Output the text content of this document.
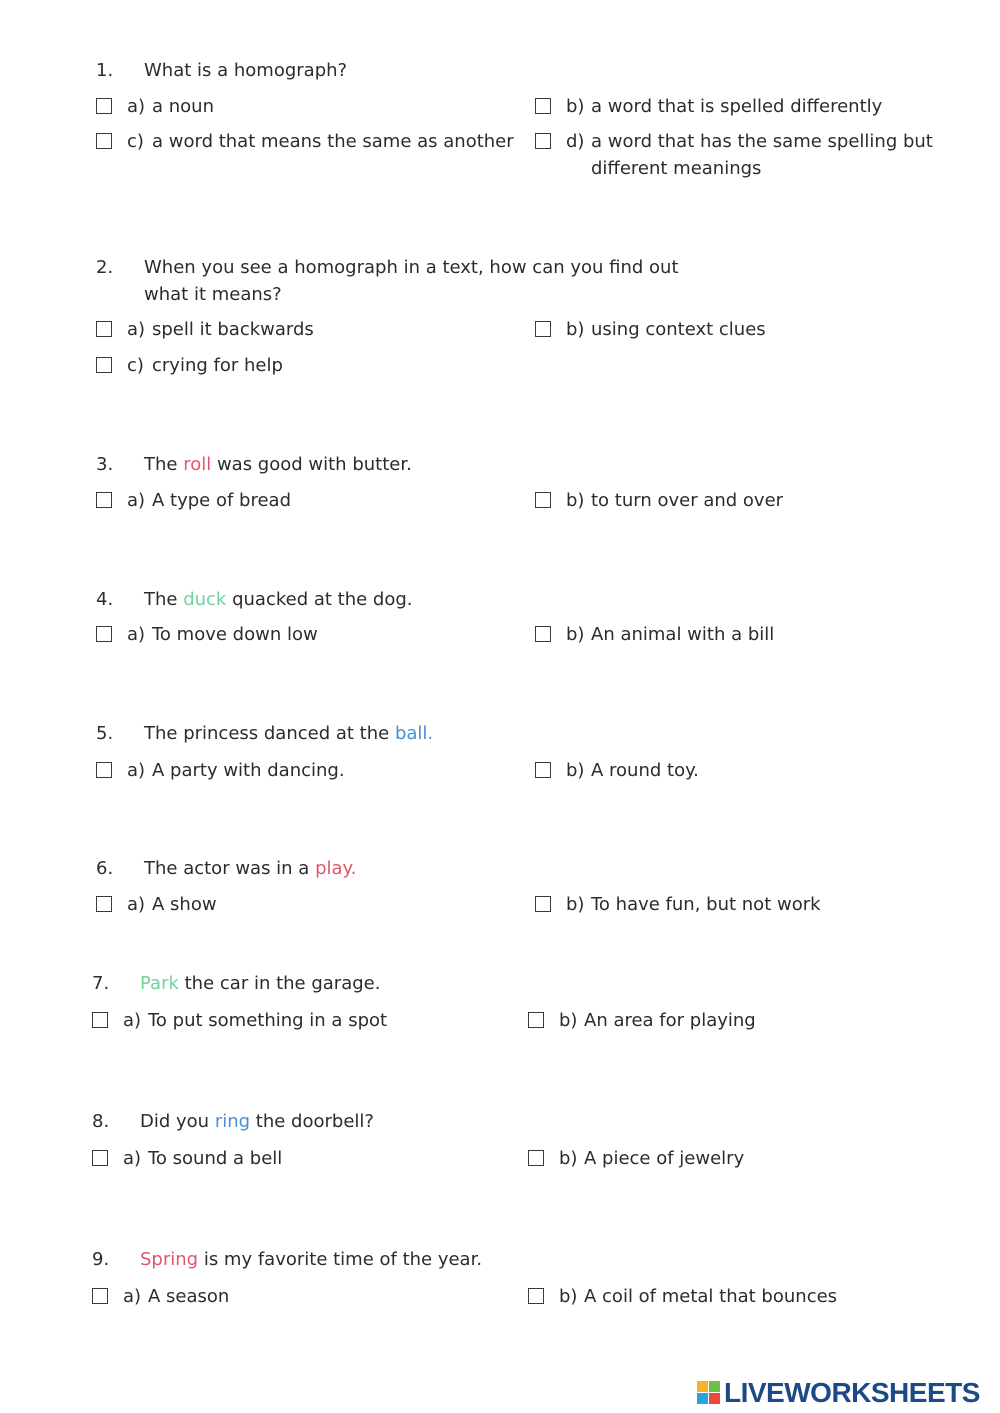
1. What is a homograph?
a) a noun	b) a word that is spelled differently
c) a word that means the same as another	d) a word that has the same spelling but
different meanings
2. When you see a homograph in a text, how can you find out
what it means?
a) spell it backwards	b) using context clues
c) crying for help
3. The roll was good with butter.
a) A type of bread	b) to turn over and over
4. The duck quacked at the dog.
a) To move down low	b) An animal with a bill
5. The princess danced at the ball.
a) A party with dancing.	b) A round toy.
6. The actor was in a play.
a) A show	b) To have fun, but not work
7. Park the car in the garage.
a) To put something in a spot	b) An area for playing
8. Did you ring the doorbell?
a) To sound a bell	b) A piece of jewelry
9. Spring is my favorite time of the year.
a) A season	b) A coil of metal that bounces
LIVEWORKSHEETS
